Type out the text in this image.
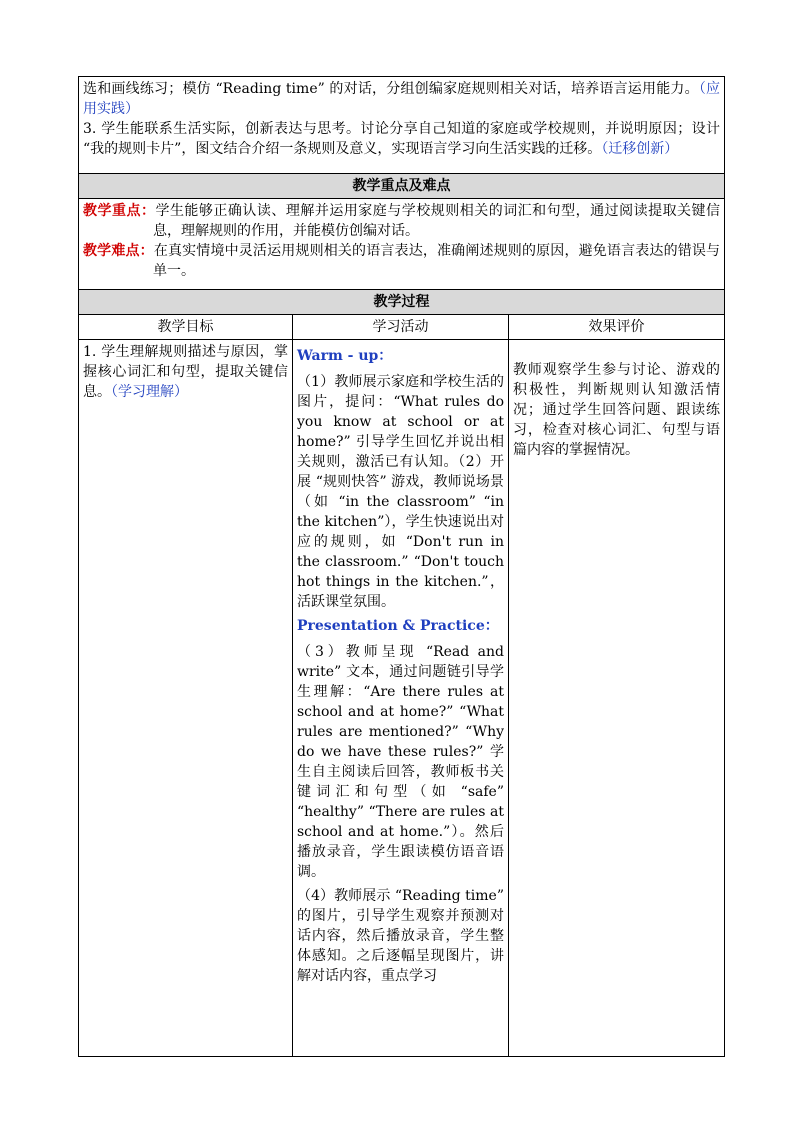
选和画线练习；模仿 “Reading time” 的对话，分组创编家庭规则相关对话，培养语言运用能力。（应用实践）

3. 学生能联系生活实际，创新表达与思考。讨论分享自己知道的家庭或学校规则，并说明原因；设计 “我的规则卡片”，图文结合介绍一条规则及意义，实现语言学习向生活实践的迁移。（迁移创新）		

教学重点及难点		

教学重点：学生能够正确认读、理解并运用家庭与学校规则相关的词汇和句型，通过阅读提取关键信息，理解规则的作用，并能模仿创编对话。

教学难点：在真实情境中灵活运用规则相关的语言表达，准确阐述规则的原因，避免语言表达的错误与单一。		

教学过程		
教学目标	学习活动	效果评价

1. 学生理解规则描述与原因，掌握核心词汇和句型，提取关键信息。（学习理解）	Warm - up：

（1）教师展示家庭和学校生活的图片，提问：“What rules do you know at school or at home?” 引导学生回忆并说出相关规则，激活已有认知。（2）开展 “规则快答” 游戏，教师说场景（如 “in the classroom” “in the kitchen”），学生快速说出对应的规则，如 “Don't run in the classroom.” “Don't touch hot things in the kitchen.”，活跃课堂氛围。

Presentation & Practice：

（3）教师呈现 “Read and write” 文本，通过问题链引导学生理解：“Are there rules at school and at home?” “What rules are mentioned?” “Why do we have these rules?” 学生自主阅读后回答，教师板书关键词汇和句型（如 “safe” “healthy” “There are rules at school and at home.”）。然后播放录音，学生跟读模仿语音语调。

（4）教师展示 “Reading time” 的图片，引导学生观察并预测对话内容，然后播放录音，学生整体感知。之后逐幅呈现图片，讲解对话内容，重点学习	教师观察学生参与讨论、游戏的积极性，判断规则认知激活情况；通过学生回答问题、跟读练习，检查对核心词汇、句型与语篇内容的掌握情况。
